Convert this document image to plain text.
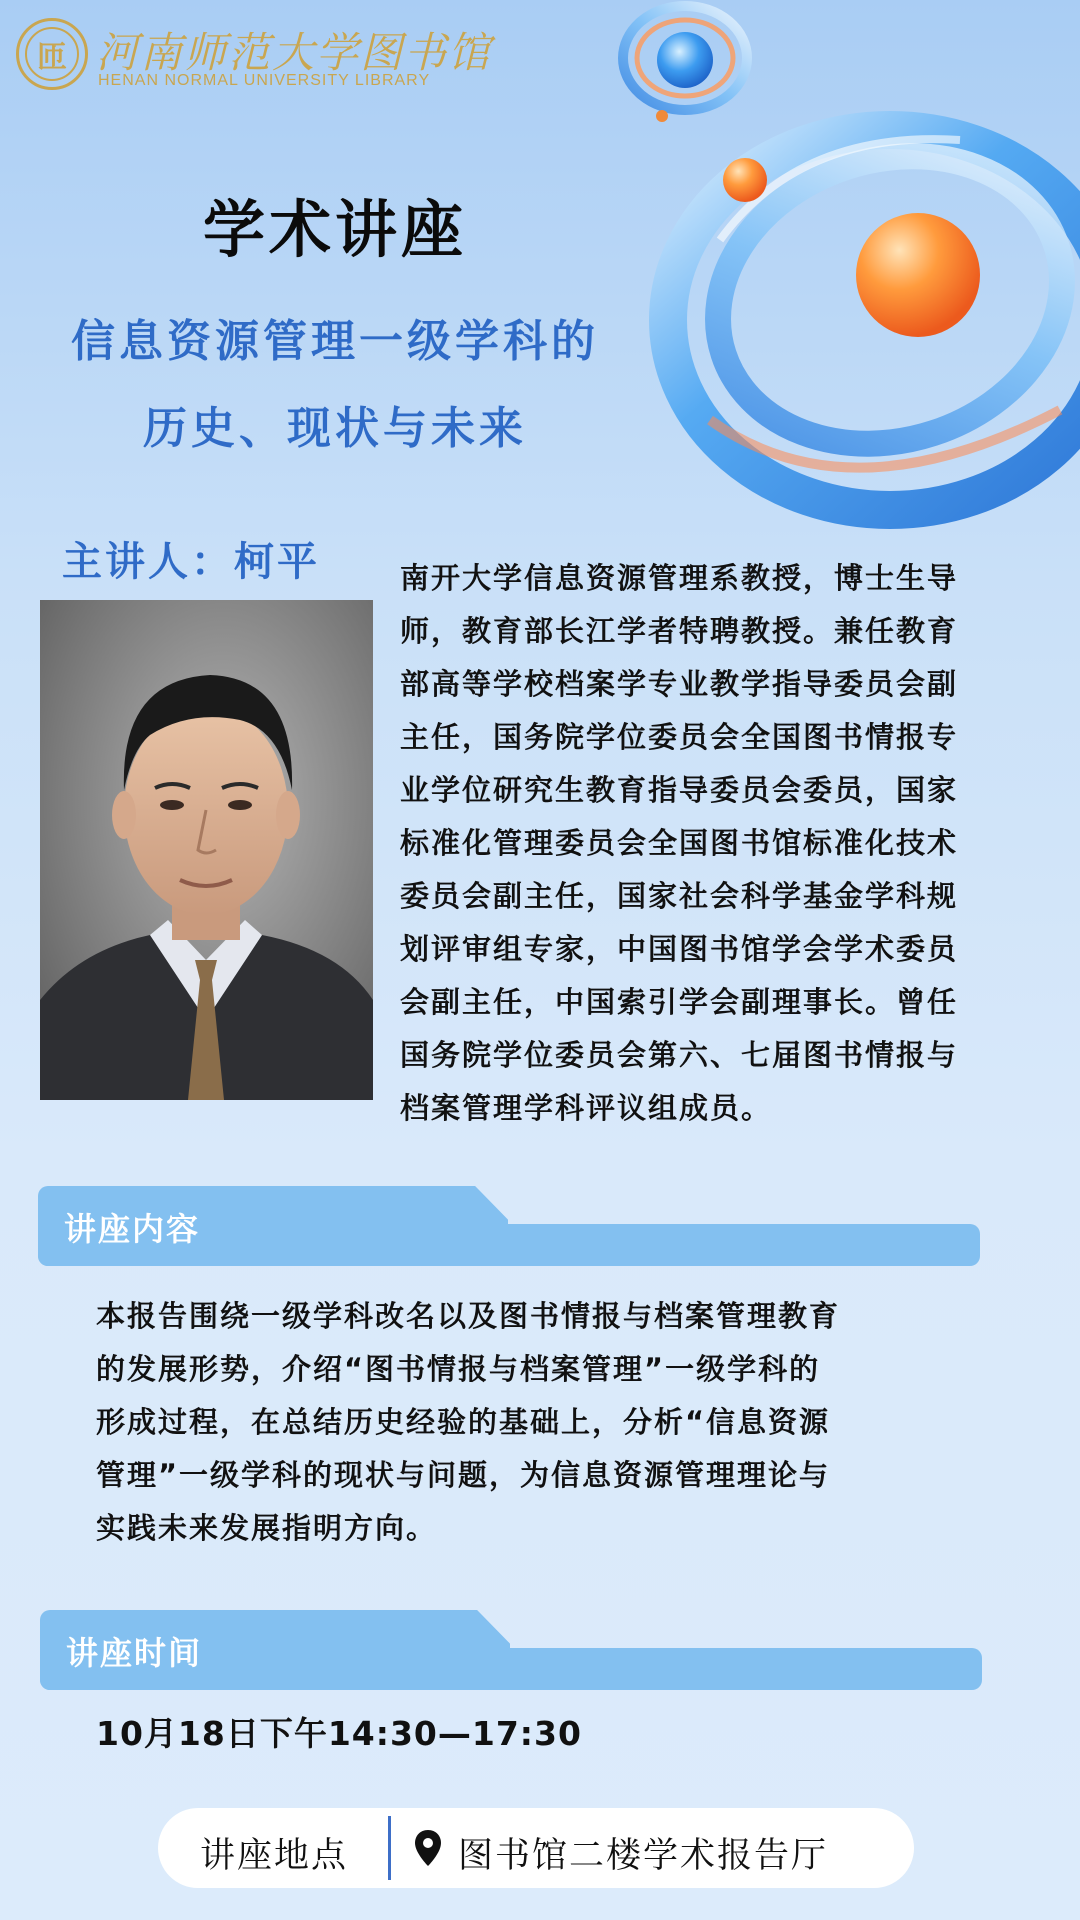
匝 河南师范大学图书馆
HENAN NORMAL UNIVERSITY LIBRARY
学术讲座
信息资源管理一级学科的
历史、现状与未来
主讲人：柯平	南开大学信息资源管理系教授，博士生导
师，教育部长江学者特聘教授。兼任教育
部高等学校档案学专业教学指导委员会副
主任，国务院学位委员会全国图书情报专
业学位研究生教育指导委员会委员，国家
标准化管理委员会全国图书馆标准化技术
委员会副主任，国家社会科学基金学科规
划评审组专家，中国图书馆学会学术委员
会副主任，中国索引学会副理事长。曾任
国务院学位委员会第六、七届图书情报与
档案管理学科评议组成员。
讲座内容
本报告围绕一级学科改名以及图书情报与档案管理教育
的发展形势，介绍“图书情报与档案管理”一级学科的
形成过程，在总结历史经验的基础上，分析“信息资源
管理”一级学科的现状与问题，为信息资源管理理论与
实践未来发展指明方向。
讲座时间
10月18日下午14:30—17:30
讲座地点	图书馆二楼学术报告厅
